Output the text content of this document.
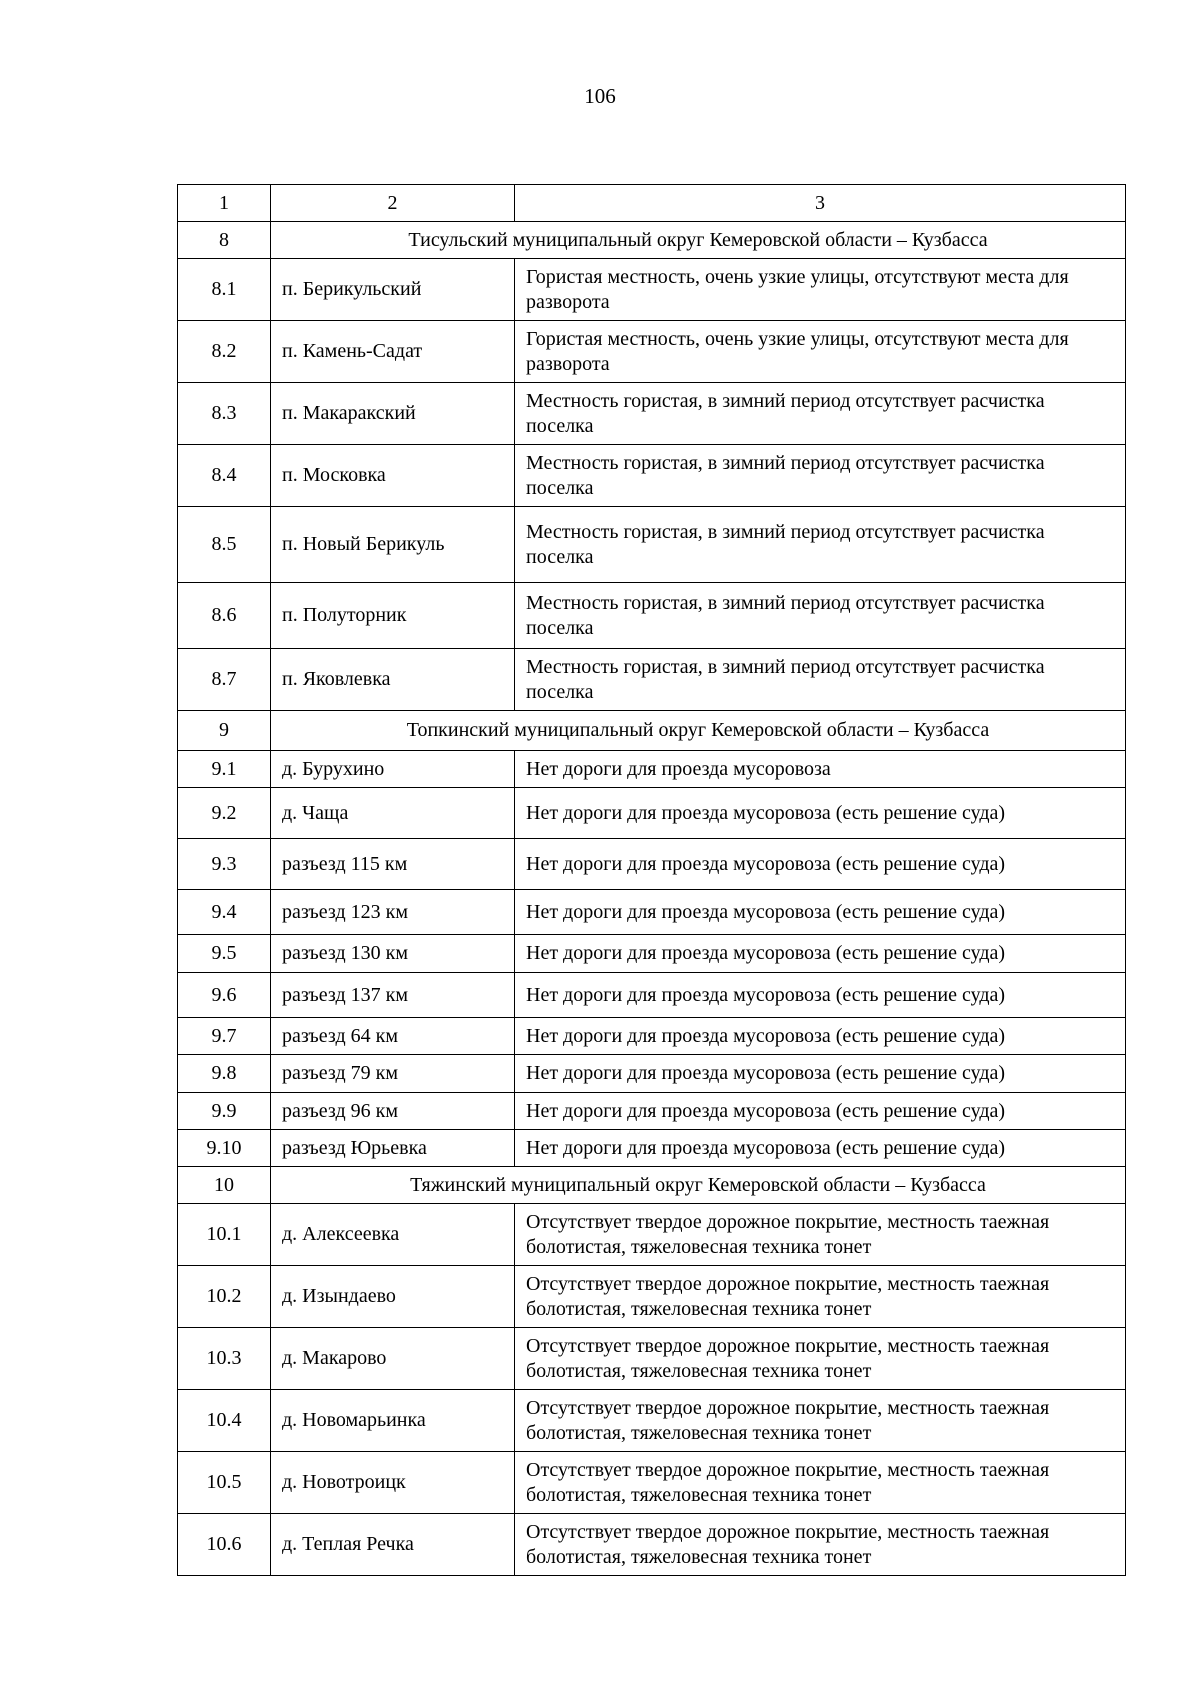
106
1	2	3
8	Тисульский муниципальный округ Кемеровской области – Кузбасса	
8.1	п. Берикульский	Гористая местность, очень узкие улицы, отсутствуют места для разворота
8.2	п. Камень-Садат	Гористая местность, очень узкие улицы, отсутствуют места для разворота
8.3	п. Макаракский	Местность гористая, в зимний период отсутствует расчистка поселка
8.4	п. Московка	Местность гористая, в зимний период отсутствует расчистка поселка
8.5	п. Новый Берикуль	Местность гористая, в зимний период отсутствует расчистка поселка
8.6	п. Полуторник	Местность гористая, в зимний период отсутствует расчистка поселка
8.7	п. Яковлевка	Местность гористая, в зимний период отсутствует расчистка поселка
9	Топкинский муниципальный округ Кемеровской области – Кузбасса	
9.1	д. Бурухино	Нет дороги для проезда мусоровоза
9.2	д. Чаща	Нет дороги для проезда мусоровоза (есть решение суда)
9.3	разъезд 115 км	Нет дороги для проезда мусоровоза (есть решение суда)
9.4	разъезд 123 км	Нет дороги для проезда мусоровоза (есть решение суда)
9.5	разъезд 130 км	Нет дороги для проезда мусоровоза (есть решение суда)
9.6	разъезд 137 км	Нет дороги для проезда мусоровоза (есть решение суда)
9.7	разъезд 64 км	Нет дороги для проезда мусоровоза (есть решение суда)
9.8	разъезд 79 км	Нет дороги для проезда мусоровоза (есть решение суда)
9.9	разъезд 96 км	Нет дороги для проезда мусоровоза (есть решение суда)
9.10	разъезд Юрьевка	Нет дороги для проезда мусоровоза (есть решение суда)
10	Тяжинский муниципальный округ Кемеровской области – Кузбасса	
10.1	д. Алексеевка	Отсутствует твердое дорожное покрытие, местность таежная болотистая, тяжеловесная техника тонет
10.2	д. Изындаево	Отсутствует твердое дорожное покрытие, местность таежная болотистая, тяжеловесная техника тонет
10.3	д. Макарово	Отсутствует твердое дорожное покрытие, местность таежная болотистая, тяжеловесная техника тонет
10.4	д. Новомарьинка	Отсутствует твердое дорожное покрытие, местность таежная болотистая, тяжеловесная техника тонет
10.5	д. Новотроицк	Отсутствует твердое дорожное покрытие, местность таежная болотистая, тяжеловесная техника тонет
10.6	д. Теплая Речка	Отсутствует твердое дорожное покрытие, местность таежная болотистая, тяжеловесная техника тонет
